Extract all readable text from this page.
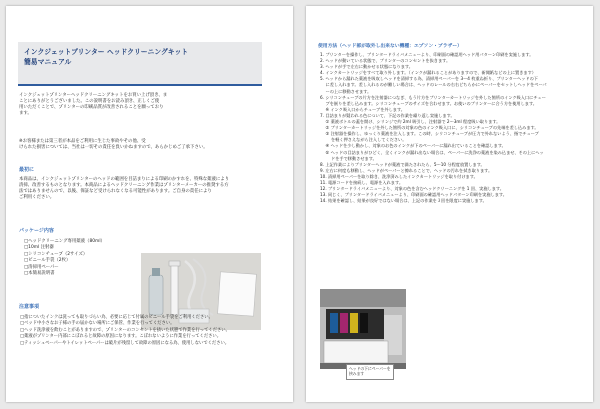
インクジェットプリンター ヘッドクリーニングキット
簡易マニュアル
インクジェットプリンターヘッドクリーニングキットをお買い上げ頂き、ま
ことにありがとうございました。この説明書をお読み頂き、正しくご使
用いただくことで、プリンターの印刷品質が改善されることを願っており
ます。
※お客様または第三者が本品をご利用に生じた事故やその他、受
けられた損害については、当社は一切その責任を負いかねますので、あらかじめご了承下さい。
最初に
本商品は、インクジェットプリンターのヘッドの範囲を目詰まりによる印刷のかすれを、特殊な薬液により
清掃、改善するものとなります。本商品によるヘッドクリーニング作業はプリンターメーカーの推奨する方
法ではありませんので、以後、保証など受けられなくなる可能性があります。ご自身の責任により
ご利用ください。
パッケージ内容
□ヘッドクリーニング専用薬液（80ml）
□10ml 注射器
□シリコンチューブ（2サイズ）
□ビニール手袋（2枚）
□清掃用ペーパー
□本簡易説明書
注意事項
□指についたインクは洗っても取りづらい為、必要に応じて付属のビニール手袋をご利用ください。
□ベッド中小さなお子様の手の届かない場所にご保管、作業を行ってください。
□ヘッド洗浄液を飲むことがありますので、プリンターのコンセントを抜いた状態で作業を行ってください。
□薬液がプリンター内部にこぼれると故障の原因になります。こぼれないように作業を行ってください。
□ティッシュペーパーやトイレットペーパーは破片が残留して故障の原因になる為、使用しないでください。
使用方法（ヘッド部が取外し出来ない機種：エプソン・ブラザー）
1. プリンターを操作し、プリンタードライバメニューより、印刷面の確認用ヘッド用パターン印刷を実施します。
2. ヘッドが動いている状態で、プリンターのコンセントを抜きます。
3. ヘッドが手で左右に動かせる状態になります。
4. インクカートリッジをすべて取り外します。（インクが漏れることがありますので、新聞紙などの上に置きます）
5. ヘッドから漏れた薬液を吸収しヘッドを清掃する為、清掃用ペーパーを 3〜4 枚重ね折り、プリンターヘッドの下
　 に差し入れます。差し入れるのが難しい場合は、ヘッドのレールの右右どちらかにペーパーをセットしヘッドをペーパ
　 ーの上に移動させます。
6. シリコンチューブの片方を注射器につなぎ、もう片方をプリンターカートリッジを外した箇所のインク吸入口にチュー
　 ブを嵌りを差し込みます。シリコンチューブのサイズを合わせます。お使いのプリンターに合う方を使用します。
　 ※ インク吸入口からチューブを外します。
7. 目詰まりが疑われる色について、下記の作業を繰り返し実施します。
　 ① 薬液ボトルの蓋を開け、シリンジで約 2ml 吸引し、注射器で 2〜3ml 程度吸い取ります。
　 ② プリンターカートリッジを外した箇所の対象の色のインク吸入口に、シリコンチューブの先端を差し込みます。
　 ③ 注射器を操作し、ゆっくり薬液を注入します。この時、シリコンチューブが圧力で外れないよう、指でチューブ
　 　 を軽く押さえながら注入してください。
　 ④ ヘッドを少し動かし、対象のお色のインクが下のペーパーに漏れ出ていることを確認します。
　 ⑤ ヘッドの目詰まりがひどく、全くインクが漏れ出ない場合は、ペーパーに洗浄の薬液を染み込ませ、その上にヘッ
　 　 ドを手で移動させます。
8. 上記作業によりプリンターヘッドが薬液で満たされたら、5〜10 分程度放置します。
9. 左右に何度も移動し、ヘッドがペーパーと擦れることで、ヘッドの汚れを拭き取ります。
10. 清掃用ペーパーを取り除き、洗浄済みしたインクカートリッジを取り付けます。
11. 電源コードを接続し、電源を入れます。
12. プリンタードライバメニューより、対象の色を含むヘッドクリーニングを 1 回、実施します。
13. 同じく、プリンタードライバメニューより、印刷面の確認用ヘッドパターン印刷を実施します。
14. 結果を確認し、結果が良好ではない場合は、上記の作業を３回を限度に実施します。
ヘッドの下にペーパーを挟みます
